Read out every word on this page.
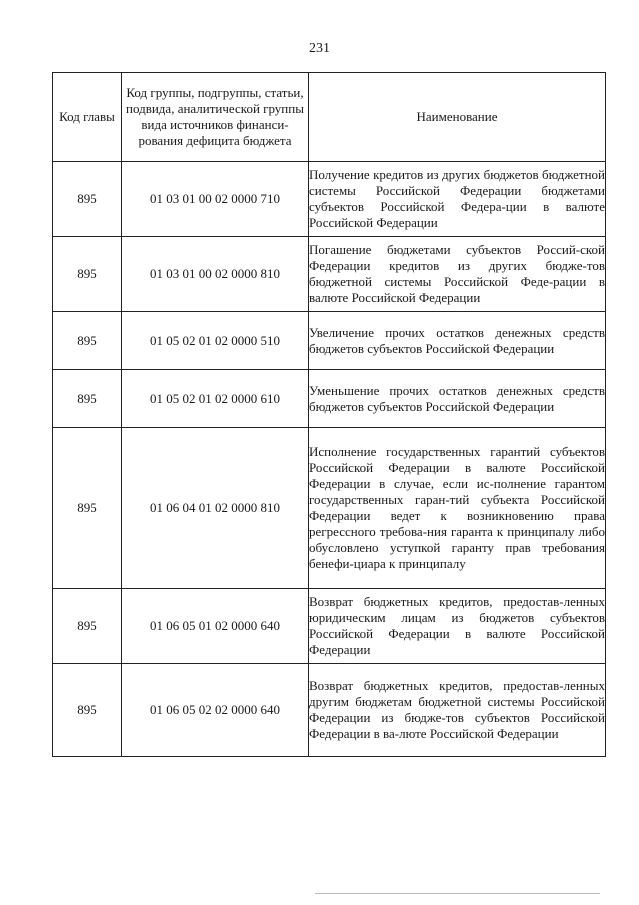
231
Код главы	Код группы, подгруппы, статьи, подвида, аналитической группы вида источников финанси-рования дефицита бюджета	Наименование
895	01 03 01 00 02 0000 710	Получение кредитов из других бюджетов бюджетной системы Российской Федерации бюджетами субъектов Российской Федера-ции в валюте Российской Федерации
895	01 03 01 00 02 0000 810	Погашение бюджетами субъектов Россий-ской Федерации кредитов из других бюдже-тов бюджетной системы Российской Феде-рации в валюте Российской Федерации
895	01 05 02 01 02 0000 510	Увеличение прочих остатков денежных средств бюджетов субъектов Российской Федерации
895	01 05 02 01 02 0000 610	Уменьшение прочих остатков денежных средств бюджетов субъектов Российской Федерации
895	01 06 04 01 02 0000 810	Исполнение государственных гарантий субъектов Российской Федерации в валюте Российской Федерации в случае, если ис-полнение гарантом государственных гаран-тий субъекта Российской Федерации ведет к возникновению права регрессного требова-ния гаранта к принципалу либо обусловлено уступкой гаранту прав требования бенефи-циара к принципалу
895	01 06 05 01 02 0000 640	Возврат бюджетных кредитов, предостав-ленных юридическим лицам из бюджетов субъектов Российской Федерации в валюте Российской Федерации
895	01 06 05 02 02 0000 640	Возврат бюджетных кредитов, предостав-ленных другим бюджетам бюджетной системы Российской Федерации из бюдже-тов субъектов Российской Федерации в ва-люте Российской Федерации
